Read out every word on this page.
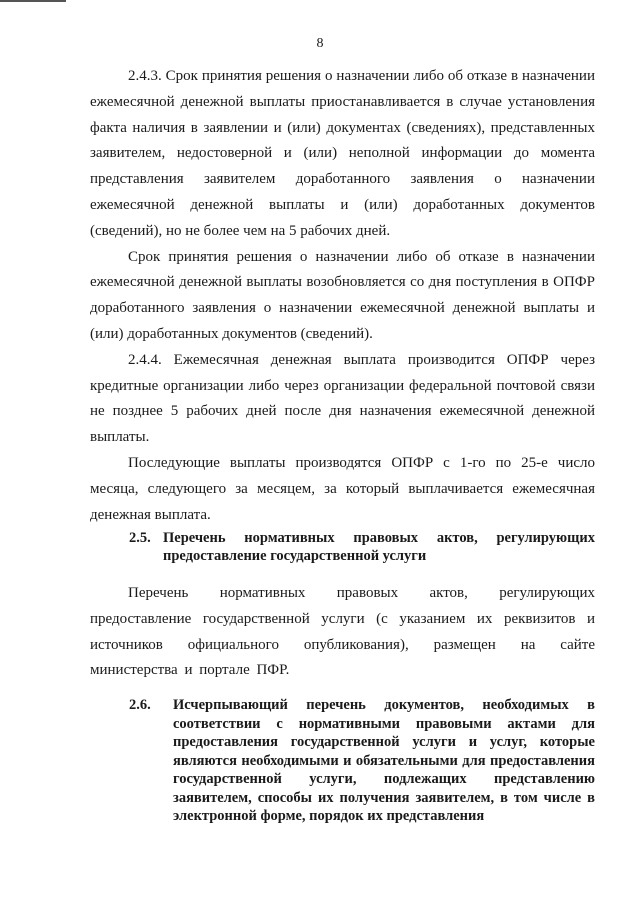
8

2.4.3. Срок принятия решения о назначении либо об отказе в назначении ежемесячной денежной выплаты приостанавливается в случае установления факта наличия в заявлении и (или) документах (сведениях), представленных заявителем, недостоверной и (или) неполной информации до момента представления заявителем доработанного заявления о назначении ежемесячной денежной выплаты и (или) доработанных документов (сведений), но не более чем на 5 рабочих дней.

Срок принятия решения о назначении либо об отказе в назначении ежемесячной денежной выплаты возобновляется со дня поступления в ОПФР доработанного заявления о назначении ежемесячной денежной выплаты и (или) доработанных документов (сведений).

2.4.4. Ежемесячная денежная выплата производится ОПФР через кредитные организации либо через организации федеральной почтовой связи не позднее 5 рабочих дней после дня назначения ежемесячной денежной выплаты.

Последующие выплаты производятся ОПФР с 1-го по 25-е число месяца, следующего за месяцем, за который выплачивается ежемесячная денежная выплата.

2.5. Перечень нормативных правовых актов, регулирующих предоставление государственной услуги

Перечень нормативных правовых актов, регулирующих предоставление государственной услуги (с указанием их реквизитов и источников официального опубликования), размещен на сайте министерства и портале ПФР.

2.6. Исчерпывающий перечень документов, необходимых в соответствии с нормативными правовыми актами для предоставления государственной услуги и услуг, которые являются необходимыми и обязательными для предоставления государственной услуги, подлежащих представлению заявителем, способы их получения заявителем, в том числе в электронной форме, порядок их представления
